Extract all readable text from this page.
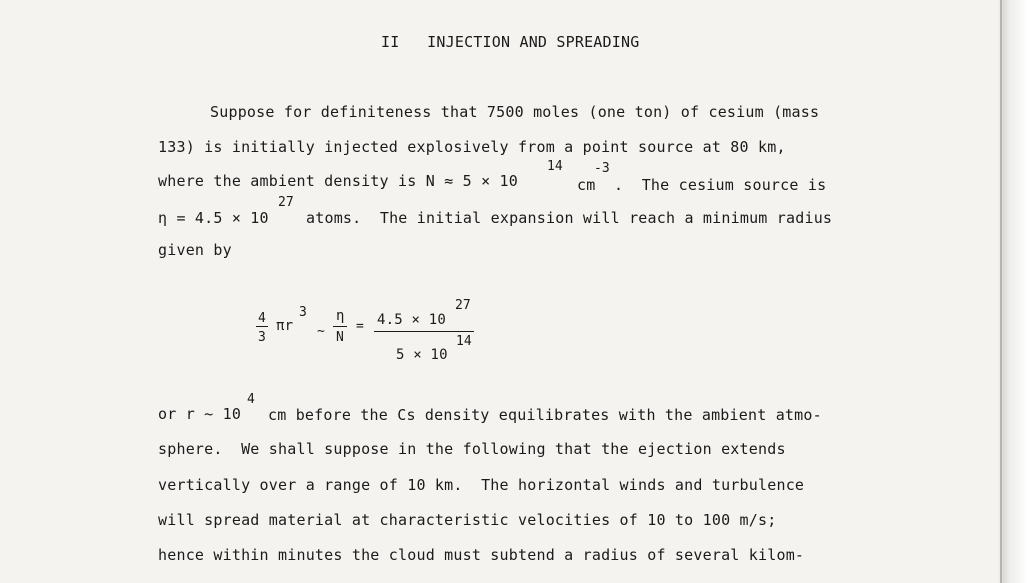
II   INJECTION AND SPREADING
Suppose for definiteness that 7500 moles (one ton) of cesium (mass
133) is initially injected explosively from a point source at 80 km,
where the ambient density is N ≈ 5 × 10
14
cm
-3
.  The cesium source is
η = 4.5 × 10
27
atoms.  The initial expansion will reach a minimum radius
given by
4
3
πr
3
~
η
N
= 4.5 × 10
27
5 × 10
14
or r ~ 10
4
cm before the Cs density equilibrates with the ambient atmo-
sphere.  We shall suppose in the following that the ejection extends
vertically over a range of 10 km.  The horizontal winds and turbulence
will spread material at characteristic velocities of 10 to 100 m/s;
hence within minutes the cloud must subtend a radius of several kilom-
